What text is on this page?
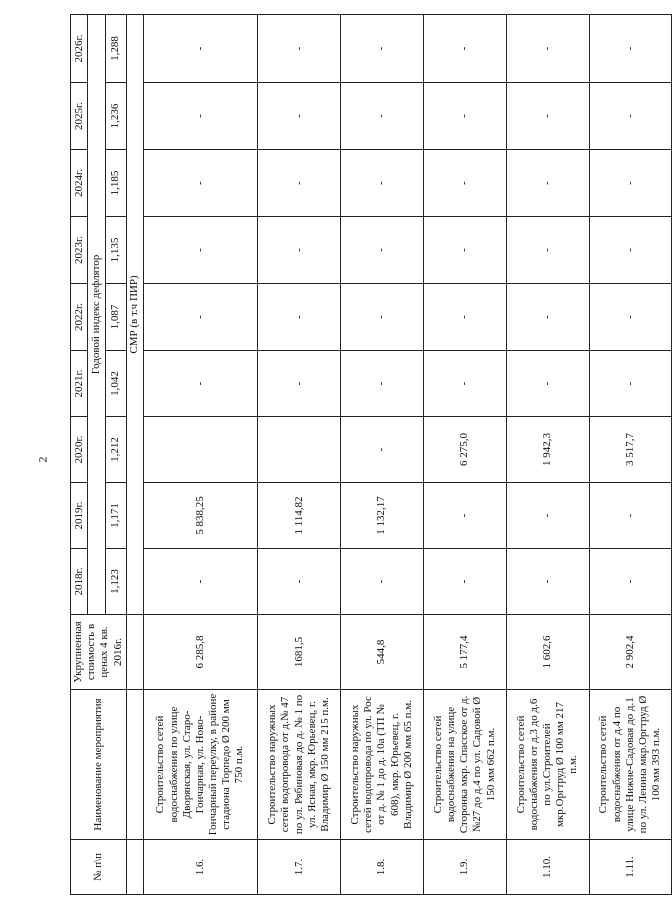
2
№ п\п	Наименование мероприятия	Укрупненная стоимость в ценах 4 кв. 2016г.	2018г.	2019г.	2020г.	2021г.	2022г.	2023г.	2024г.	2025г.	2026г.
			Годовой индекс дефлятор								
			1,123	1,171	1,212	1,042	1,087	1,135	1,185	1,236	1,288
			СМР (в т.ч ПИР)								
1.6.	Строительство сетей водоснабжения по улице Дворянская, ул. Старо-Гончарная, ул. Ново-Гончарный переулку, в районе стадиона Торпедо Ø 200 мм 750 п.м.	6 285,8	-	5 838,25		-	-	-	-	-	-
1.7.	Строительство наружных сетей водопровода от д.№ 47 по ул. Рябиновая до д. № 1 по ул. Ясная, мкр. Юрьевец, г. Владимир Ø 150 мм 215 п.м.	1681,5	-	1 114,82		-	-	-	-	-	-
1.8.	Строительство наружных сетей водопровода по ул. Рос от д. № 1 до д. 10а (ТП № 608), мкр. Юрьевец, г. Владимир Ø 200 мм 65 п.м.	544,8	-	1 132,17	-	-	-	-	-	-	-
1.9.	Строительство сетей водоснабжения на улице Сторонка мкр. Спасское от д. №27 до д.4 по ул. Садовой Ø 150 мм 662 п.м.	5 177,4	-	-	6 275,0	-	-	-	-	-	-
1.10.	Строительство сетей водоснабжения от д.3 до д.6 по ул.Строителей мкр.Оргтруд Ø 100 мм 217 п.м.	1 602,6	-	-	1 942,3	-	-	-	-	-	-
1.11.	Строительство сетей водоснабжения от д.4 по улице Нижне-Садовая до д.1 по ул. Ленина мкр.Оргтруд Ø 100 мм 393 п.м.	2 902,4	-	-	3 517,7	-	-	-	-	-	-
